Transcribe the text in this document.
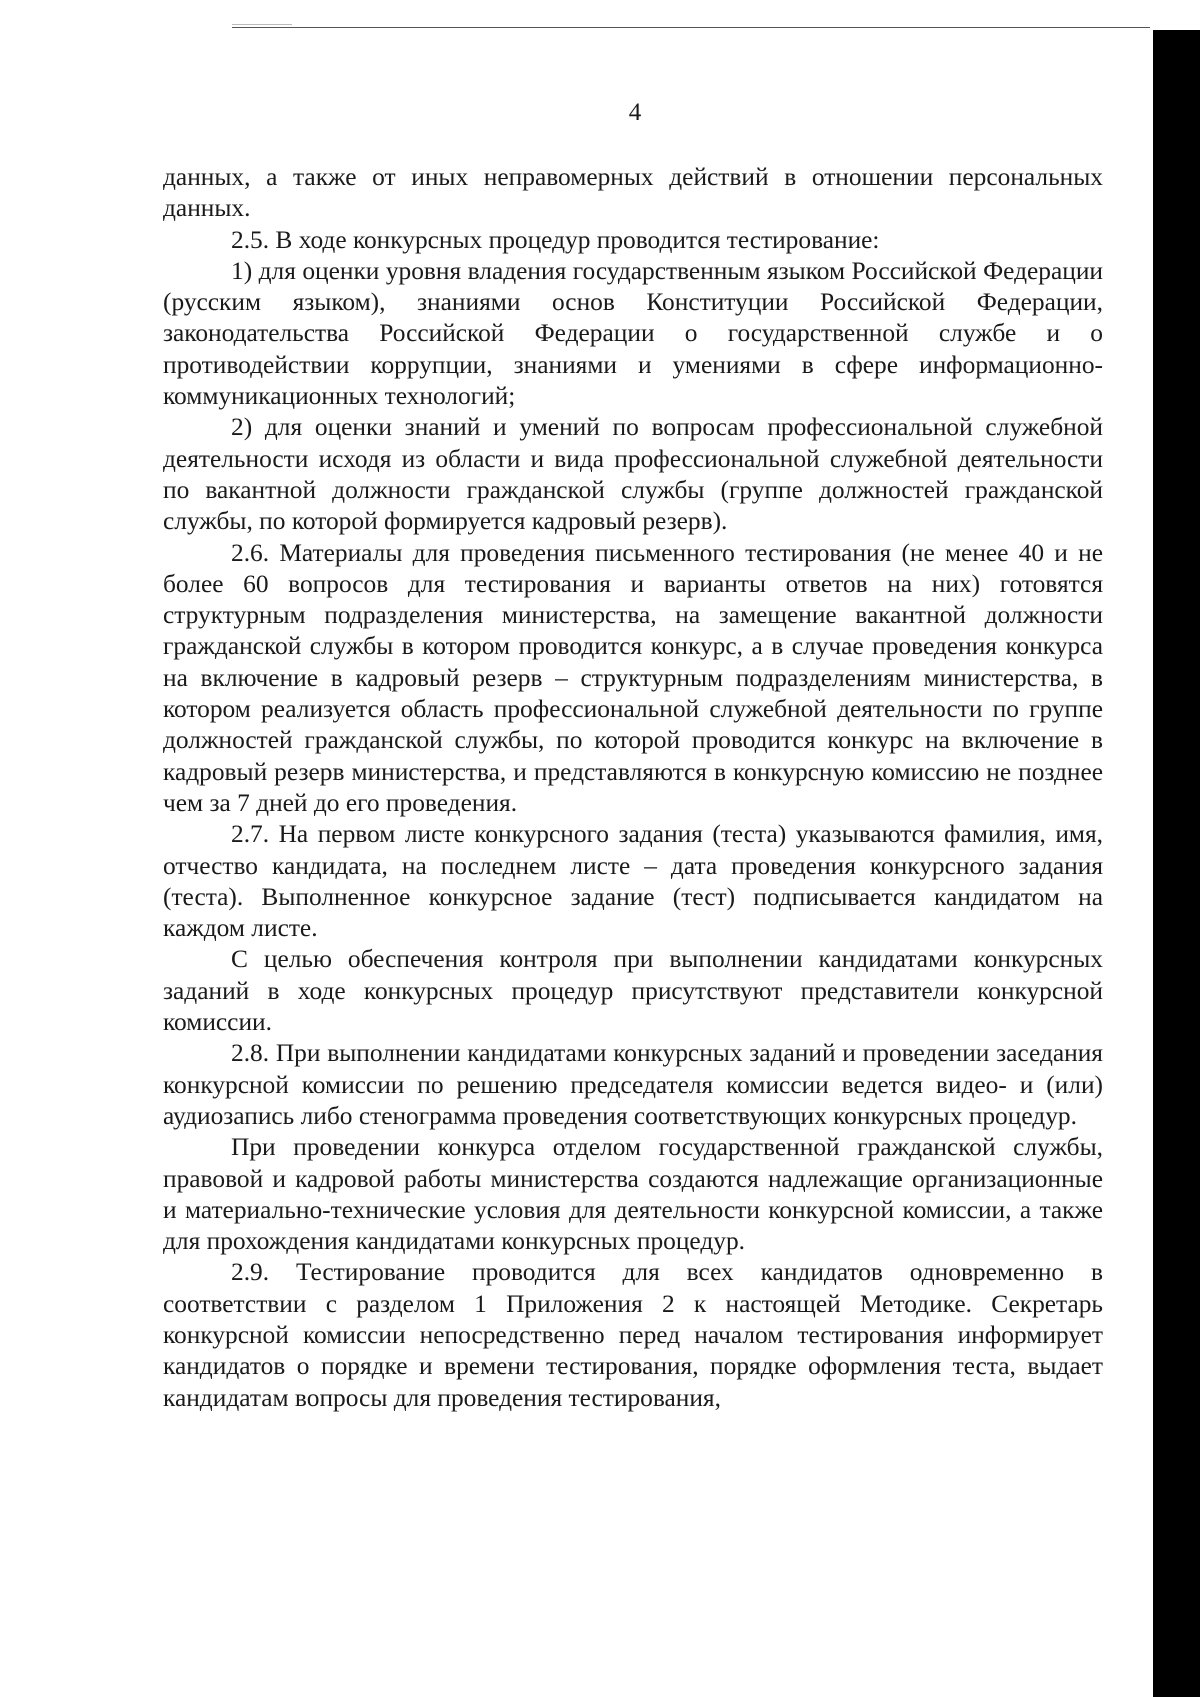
4

данных, а также от иных неправомерных действий в отношении персональных данных.

2.5. В ходе конкурсных процедур проводится тестирование:

1) для оценки уровня владения государственным языком Российской Федерации (русским языком), знаниями основ Конституции Российской Федерации, законодательства Российской Федерации о государственной службе и о противодействии коррупции, знаниями и умениями в сфере информационно-коммуникационных технологий;

2) для оценки знаний и умений по вопросам профессиональной служебной деятельности исходя из области и вида профессиональной служебной деятельности по вакантной должности гражданской службы (группе должностей гражданской службы, по которой формируется кадровый резерв).

2.6. Материалы для проведения письменного тестирования (не менее 40 и не более 60 вопросов для тестирования и варианты ответов на них) готовятся структурным подразделения министерства, на замещение вакантной должности гражданской службы в котором проводится конкурс, а в случае проведения конкурса на включение в кадровый резерв – структурным подразделениям министерства, в котором реализуется область профессиональной служебной деятельности по группе должностей гражданской службы, по которой проводится конкурс на включение в кадровый резерв министерства, и представляются в конкурсную комиссию не позднее чем за 7 дней до его проведения.

2.7. На первом листе конкурсного задания (теста) указываются фамилия, имя, отчество кандидата, на последнем листе – дата проведения конкурсного задания (теста). Выполненное конкурсное задание (тест) подписывается кандидатом на каждом листе.

С целью обеспечения контроля при выполнении кандидатами конкурсных заданий в ходе конкурсных процедур присутствуют представители конкурсной комиссии.

2.8. При выполнении кандидатами конкурсных заданий и проведении заседания конкурсной комиссии по решению председателя комиссии ведется видео- и (или) аудиозапись либо стенограмма проведения соответствующих конкурсных процедур.

При проведении конкурса отделом государственной гражданской службы, правовой и кадровой работы министерства создаются надлежащие организационные и материально-технические условия для деятельности конкурсной комиссии, а также для прохождения кандидатами конкурсных процедур.

2.9. Тестирование проводится для всех кандидатов одновременно в соответствии с разделом 1 Приложения 2 к настоящей Методике. Секретарь конкурсной комиссии непосредственно перед началом тестирования информирует кандидатов о порядке и времени тестирования, порядке оформления теста, выдает кандидатам вопросы для проведения тестирования,
